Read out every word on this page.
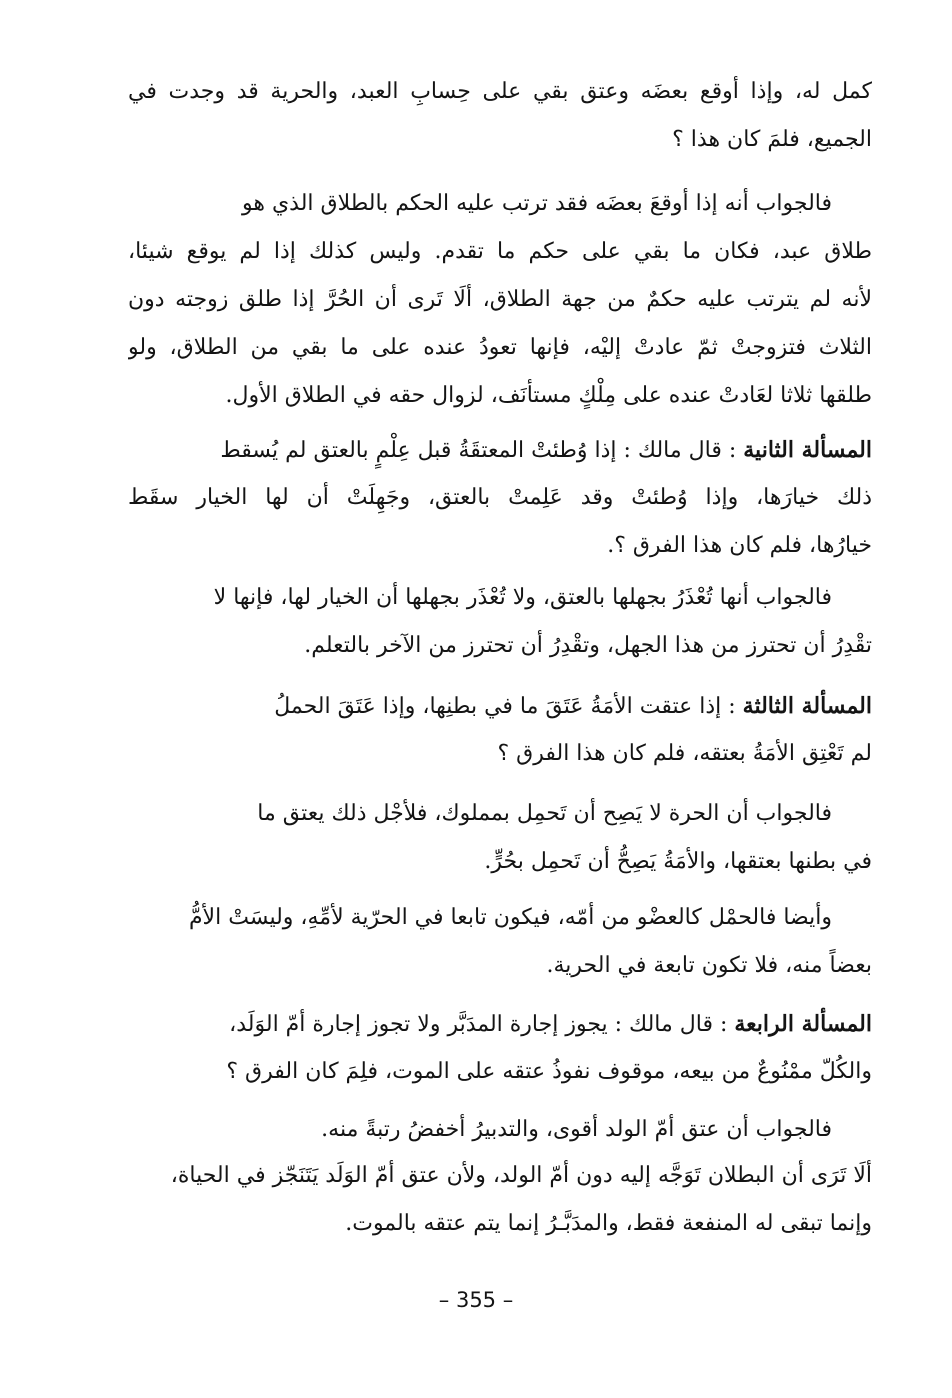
كمل له، وإذا أوقع بعضَه وعتق بقي على حِسابِ العبد، والحرية قد وجدت في
الجميع، فلمَ كان هذا ؟
فالجواب أنه إذا أوقعَ بعضَه فقد ترتب عليه الحكم بالطلاق الذي هو
طلاق عبد، فكان ما بقي على حكم ما تقدم. وليس كذلك إذا لم يوقع شيئا،
لأنه لم يترتب عليه حكمٌ من جهة الطلاق، ألَا تَرى أن الحُرَّ إذا طلق زوجته دون
الثلاث فتزوجتْ ثمّ عادتْ إليْه، فإنها تعودُ عنده على ما بقي من الطلاق، ولو
طلقها ثلاثا لعَادتْ عنده على مِلْكٍ مستأنَف، لزوال حقه في الطلاق الأول.
المسألة الثانية : قال مالك : إذا وُطئتْ المعتقَةُ قبل عِلْمٍ بالعتق لم يُسقط
ذلك خيارَها، وإذا وُطئتْ وقد عَلِمتْ بالعتق، وجَهِلَتْ أن لها الخيار سقَط
خيارُها، فلم كان هذا الفرق ؟.
فالجواب أنها تُعْذَرُ بجهلها بالعتق، ولا تُعْذَر بجهلها أن الخيار لها، فإنها لا
تقْدِرُ أن تحترز من هذا الجهل، وتقْدِرُ أن تحترز من الآخر بالتعلم.
المسألة الثالثة : إذا عتقت الأمَةُ عَتَقَ ما في بطنِها، وإذا عَتَقَ الحملُ
لم تَعْتِق الأمَةُ بعتقه، فلم كان هذا الفرق ؟
فالجواب أن الحرة لا يَصِح أن تَحمِل بمملوك، فلأجْل ذلك يعتق ما
في بطنها بعتقها، والأمَةُ يَصِحُّ أن تَحمِل بحُرٍّ.
وأيضا فالحمْل كالعضْو من أمّه، فيكون تابعا في الحرّية لأمِّهِ، وليسَتْ الأمُّ
بعضاً منه، فلا تكون تابعة في الحرية.
المسألة الرابعة : قال مالك : يجوز إجارة المدَبَّر ولا تجوز إجارة أمّ الوَلَد،
والكُلّ ممْنُوعٌ من بيعه، موقوف نفوذُ عتقه على الموت، فلِمَ كان الفرق ؟
فالجواب أن عتق أمّ الولد أقوى، والتدبيرُ أخفضُ رتبةً منه.
ألَا تَرَى أن البطلان تَوَجَّه إليه دون أمّ الولد، ولأن عتق أمّ الوَلَد يَتَنَجّز في الحياة،
وإنما تبقى له المنفعة فقط، والمدَبَّـرُ إنما يتم عتقه بالموت.
– 355 –
